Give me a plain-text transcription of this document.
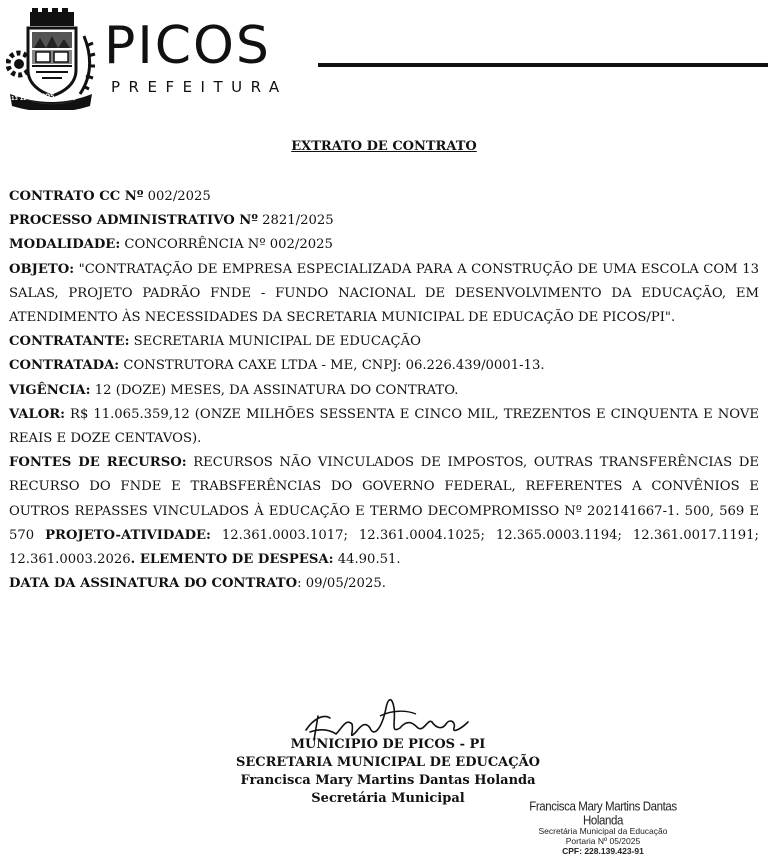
PICOS
13 12	1890
PICOS
PREFEITURA
EXTRATO DE CONTRATO

CONTRATO CC Nº 002/2025

PROCESSO ADMINISTRATIVO Nº 2821/2025

MODALIDADE: CONCORRÊNCIA Nº 002/2025

OBJETO: "CONTRATAÇÃO DE EMPRESA ESPECIALIZADA PARA A CONSTRUÇÃO DE UMA ESCOLA COM 13 SALAS, PROJETO PADRÃO FNDE - FUNDO NACIONAL DE DESENVOLVIMENTO DA EDUCAÇÃO, EM ATENDIMENTO ÀS NECESSIDADES DA SECRETARIA MUNICIPAL DE EDUCAÇÃO DE PICOS/PI".

CONTRATANTE: SECRETARIA MUNICIPAL DE EDUCAÇÃO

CONTRATADA: CONSTRUTORA CAXE LTDA - ME, CNPJ: 06.226.439/0001-13.

VIGÊNCIA: 12 (DOZE) MESES, DA ASSINATURA DO CONTRATO.

VALOR: R$ 11.065.359,12 (ONZE MILHÕES SESSENTA E CINCO MIL, TREZENTOS E CINQUENTA E NOVE REAIS E DOZE CENTAVOS).

FONTES DE RECURSO: RECURSOS NÃO VINCULADOS DE IMPOSTOS, OUTRAS TRANSFERÊNCIAS DE RECURSO DO FNDE E TRABSFERÊNCIAS DO GOVERNO FEDERAL, REFERENTES A CONVÊNIOS E OUTROS REPASSES VINCULADOS À EDUCAÇÃO E TERMO DECOMPROMISSO Nº 202141667-1. 500, 569 E 570 PROJETO-ATIVIDADE: 12.361.0003.1017; 12.361.0004.1025; 12.365.0003.1194; 12.361.0017.1191; 12.361.0003.2026. ELEMENTO DE DESPESA: 44.90.51.

DATA DA ASSINATURA DO CONTRATO: 09/05/2025.

MUNICIPIO DE PICOS - PI
SECRETARIA MUNICIPAL DE EDUCAÇÃO
Francisca Mary Martins Dantas Holanda
Secretária Municipal
Francisca Mary Martins Dantas Holanda
Secretária Municipal da Educação
Portaria Nº 05/2025
CPF: 228.139.423-91
